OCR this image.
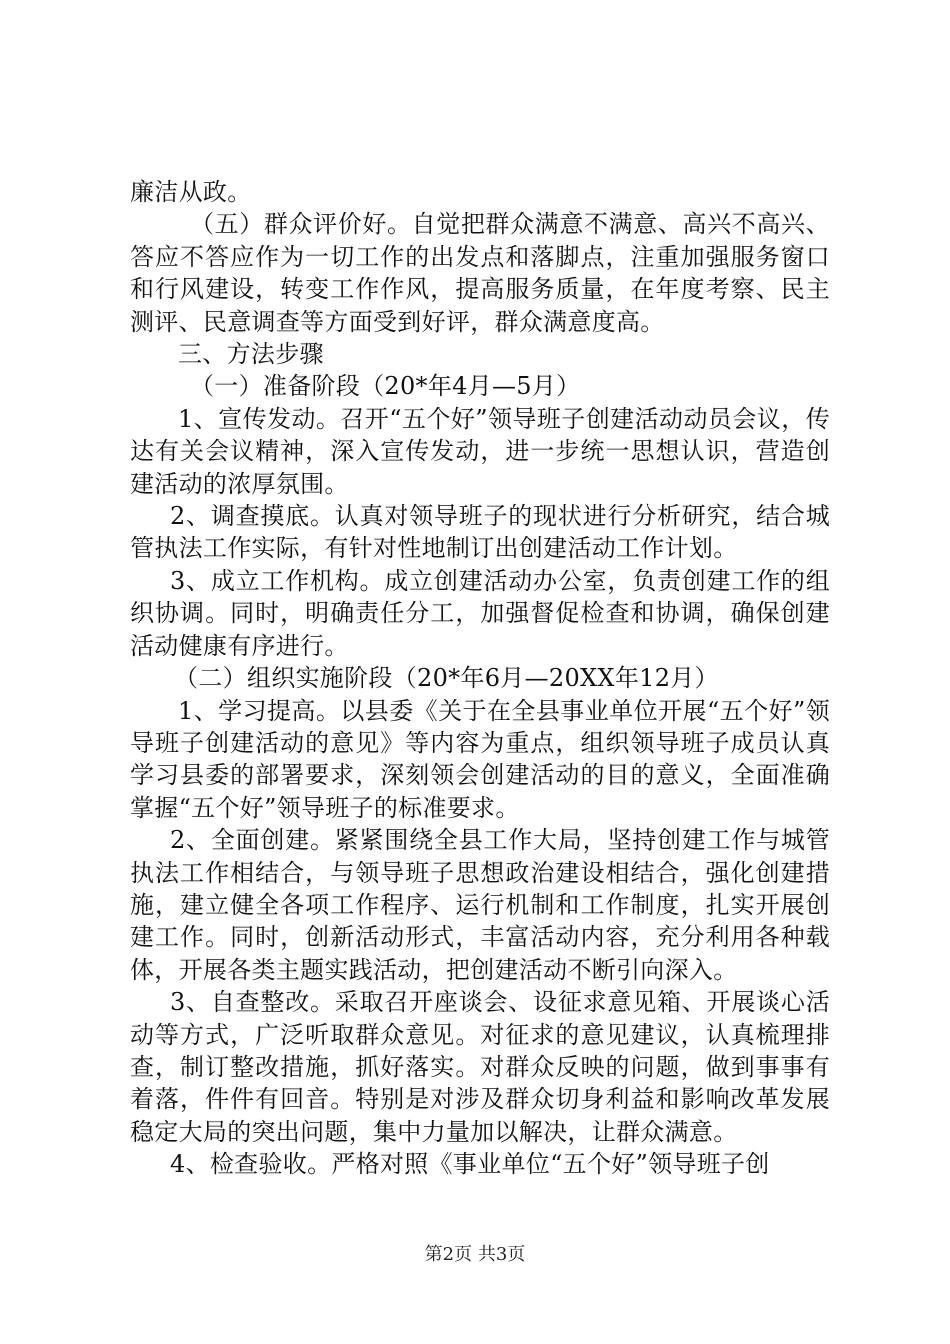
廉洁从政。

（五）群众评价好。自觉把群众满意不满意、高兴不高兴、答应不答应作为一切工作的出发点和落脚点，注重加强服务窗口和行风建设，转变工作作风，提高服务质量，在年度考察、民主测评、民意调查等方面受到好评，群众满意度高。

三、方法步骤

（一）准备阶段（20*年4月—5月）

1、宣传发动。召开“五个好”领导班子创建活动动员会议，传达有关会议精神，深入宣传发动，进一步统一思想认识，营造创建活动的浓厚氛围。

2、调查摸底。认真对领导班子的现状进行分析研究，结合城管执法工作实际，有针对性地制订出创建活动工作计划。

3、成立工作机构。成立创建活动办公室，负责创建工作的组织协调。同时，明确责任分工，加强督促检查和协调，确保创建活动健康有序进行。

（二）组织实施阶段（20*年6月—20XX年12月）

1、学习提高。以县委《关于在全县事业单位开展“五个好”领导班子创建活动的意见》等内容为重点，组织领导班子成员认真学习县委的部署要求，深刻领会创建活动的目的意义，全面准确掌握“五个好”领导班子的标准要求。

2、全面创建。紧紧围绕全县工作大局，坚持创建工作与城管执法工作相结合，与领导班子思想政治建设相结合，强化创建措施，建立健全各项工作程序、运行机制和工作制度，扎实开展创建工作。同时，创新活动形式，丰富活动内容，充分利用各种载体，开展各类主题实践活动，把创建活动不断引向深入。

3、自查整改。采取召开座谈会、设征求意见箱、开展谈心活动等方式，广泛听取群众意见。对征求的意见建议，认真梳理排查，制订整改措施，抓好落实。对群众反映的问题，做到事事有着落，件件有回音。特别是对涉及群众切身利益和影响改革发展稳定大局的突出问题，集中力量加以解决，让群众满意。

4、检查验收。严格对照《事业单位“五个好”领导班子创

第2页 共3页
